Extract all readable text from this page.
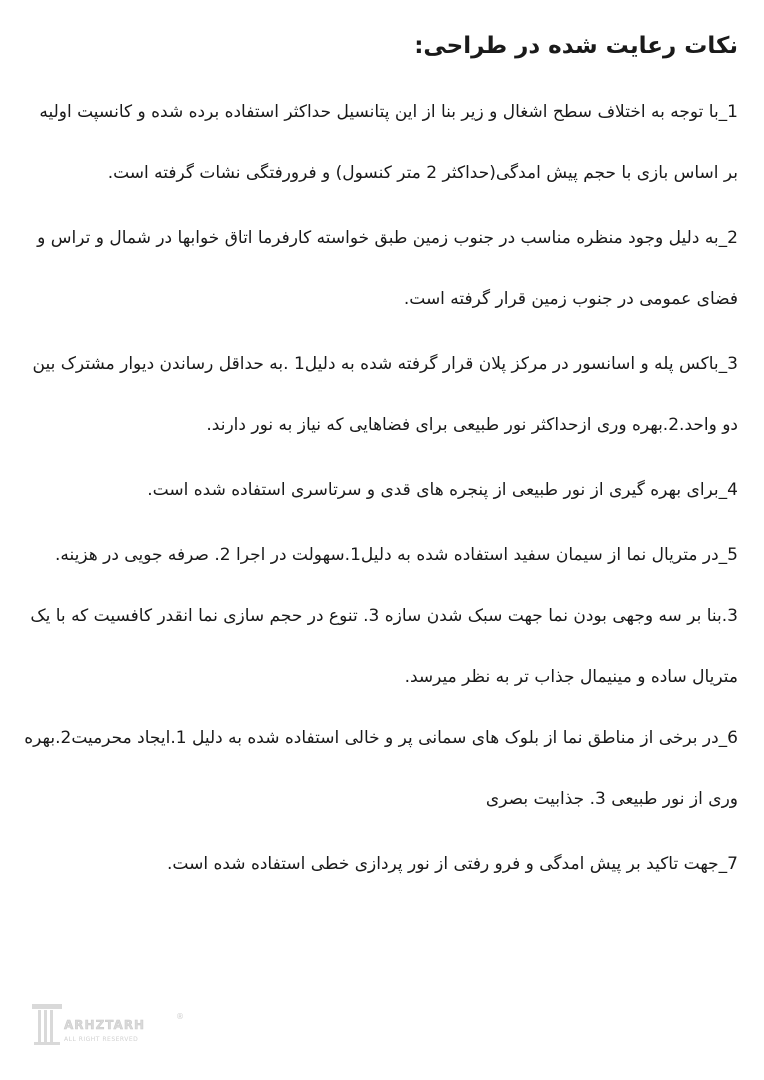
نکات رعایت شده در طراحی:
1_با توجه به اختلاف سطح اشغال و زیر بنا از این پتانسیل حداکثر استفاده برده شده و کانسپت اولیه بر اساس بازی با حجم پیش امدگی(حداکثر 2 متر کنسول) و فرورفتگی نشات گرفته است.
2_به دلیل وجود منظره مناسب در جنوب زمین طبق خواسته کارفرما اتاق خوابها در شمال و تراس و فضای عمومی در جنوب زمین قرار گرفته است.
3_باکس پله و اسانسور در مرکز پلان قرار گرفته شده به دلیل1 .به حداقل رساندن دیوار مشترک بین دو واحد.2.بهره وری ازحداکثر نور طبیعی برای فضاهایی که نیاز به نور دارند.
4_برای بهره گیری از نور طبیعی از پنجره های قدی و سرتاسری استفاده شده است.
5_در متریال نما از سیمان سفید استفاده شده به دلیل1.سهولت در اجرا 2. صرفه جویی در هزینه. 3.بنا بر سه وجهی بودن نما جهت سبک شدن سازه 3. تنوع در حجم سازی نما انقدر کافسیت که با یک متریال ساده و مینیمال جذاب تر به نظر میرسد.
6_در برخی از مناطق نما از بلوک های سمانی پر و خالی استفاده شده به دلیل 1.ایجاد محرمیت2.بهره وری از نور طبیعی 3. جذابیت بصری
7_جهت تاکید بر پیش امدگی و فرو رفتی از نور پردازی خطی استفاده شده است.
ARHZTARH
ALL RIGHT RESERVED
®
